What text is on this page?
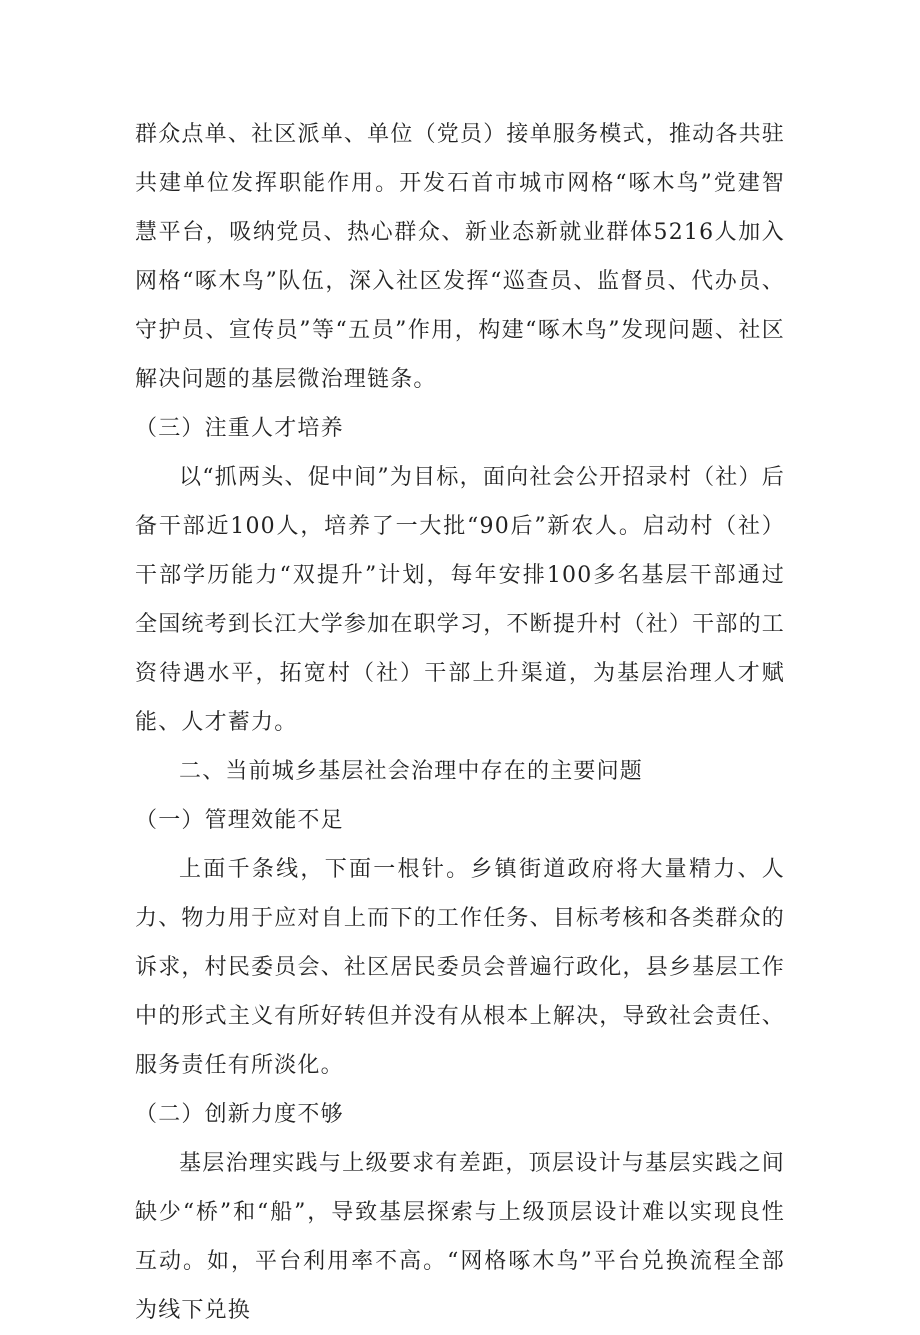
群众点单、社区派单、单位（党员）接单服务模式，推动各共驻共建单位发挥职能作用。开发石首市城市网格“啄木鸟”党建智慧平台，吸纳党员、热心群众、新业态新就业群体5216人加入网格“啄木鸟”队伍，深入社区发挥“巡查员、监督员、代办员、守护员、宣传员”等“五员”作用，构建“啄木鸟”发现问题、社区解决问题的基层微治理链条。

（三）注重人才培养

以“抓两头、促中间”为目标，面向社会公开招录村（社）后备干部近100人，培养了一大批“90后”新农人。启动村（社）干部学历能力“双提升”计划，每年安排100多名基层干部通过全国统考到长江大学参加在职学习，不断提升村（社）干部的工资待遇水平，拓宽村（社）干部上升渠道，为基层治理人才赋能、人才蓄力。

二、当前城乡基层社会治理中存在的主要问题

（一）管理效能不足

上面千条线，下面一根针。乡镇街道政府将大量精力、人力、物力用于应对自上而下的工作任务、目标考核和各类群众的诉求，村民委员会、社区居民委员会普遍行政化，县乡基层工作中的形式主义有所好转但并没有从根本上解决，导致社会责任、服务责任有所淡化。

（二）创新力度不够

基层治理实践与上级要求有差距，顶层设计与基层实践之间缺少“桥”和“船”，导致基层探索与上级顶层设计难以实现良性互动。如，平台利用率不高。“网格啄木鸟”平台兑换流程全部为线下兑换
